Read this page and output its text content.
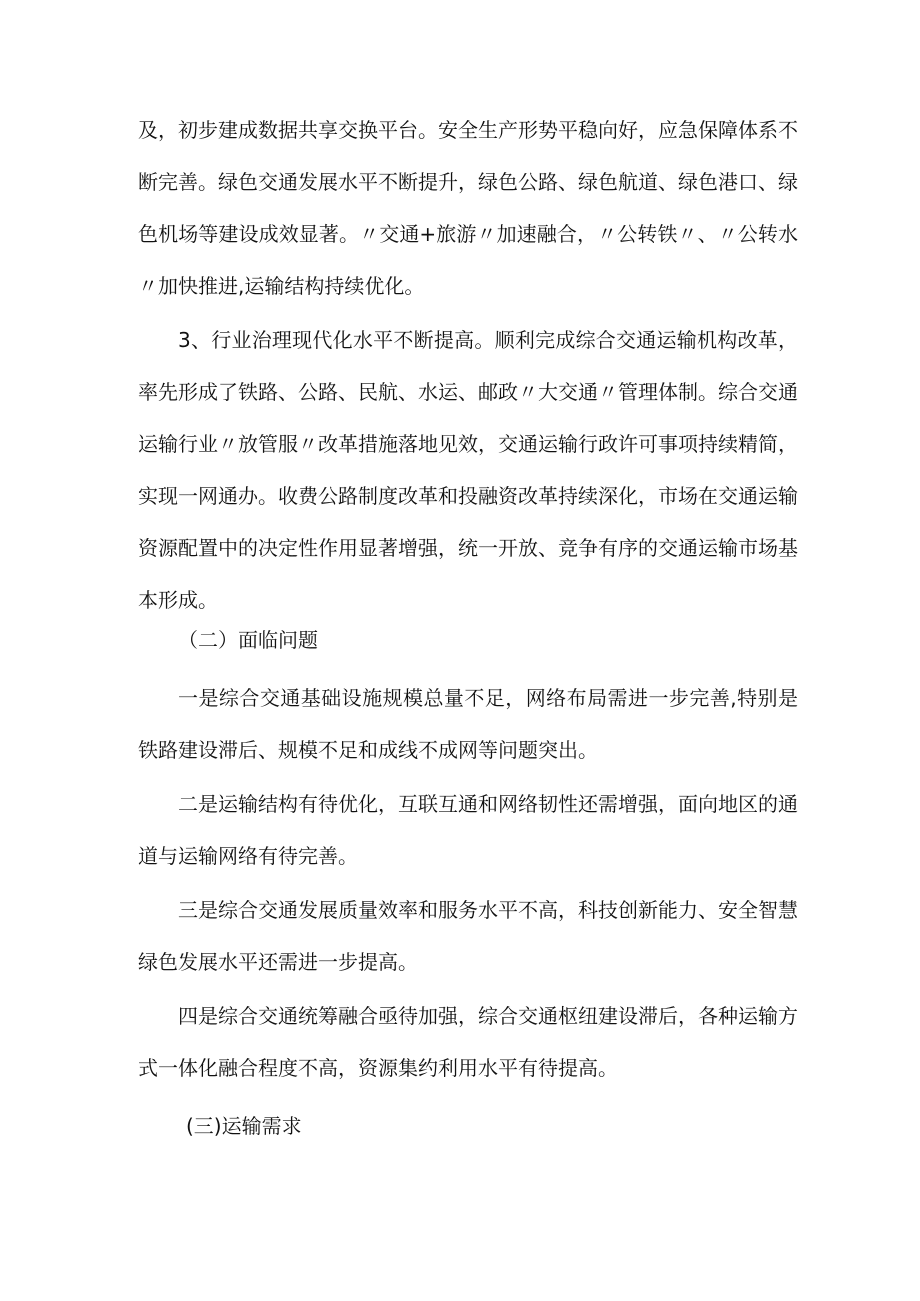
及，初步建成数据共享交换平台。安全生产形势平稳向好，应急保障体系不断完善。绿色交通发展水平不断提升，绿色公路、绿色航道、绿色港口、绿色机场等建设成效显著。〃交通+旅游〃加速融合，〃公转铁〃、〃公转水〃加快推进,运输结构持续优化。

3、行业治理现代化水平不断提高。顺利完成综合交通运输机构改革，率先形成了铁路、公路、民航、水运、邮政〃大交通〃管理体制。综合交通运输行业〃放管服〃改革措施落地见效，交通运输行政许可事项持续精简，实现一网通办。收费公路制度改革和投融资改革持续深化，市场在交通运输资源配置中的决定性作用显著增强，统一开放、竞争有序的交通运输市场基本形成。

（二）面临问题

一是综合交通基础设施规模总量不足，网络布局需进一步完善,特别是铁路建设滞后、规模不足和成线不成网等问题突出。

二是运输结构有待优化，互联互通和网络韧性还需增强，面向地区的通道与运输网络有待完善。

三是综合交通发展质量效率和服务水平不高，科技创新能力、安全智慧绿色发展水平还需进一步提高。

四是综合交通统筹融合亟待加强，综合交通枢纽建设滞后，各种运输方式一体化融合程度不高，资源集约利用水平有待提高。

(三)运输需求
